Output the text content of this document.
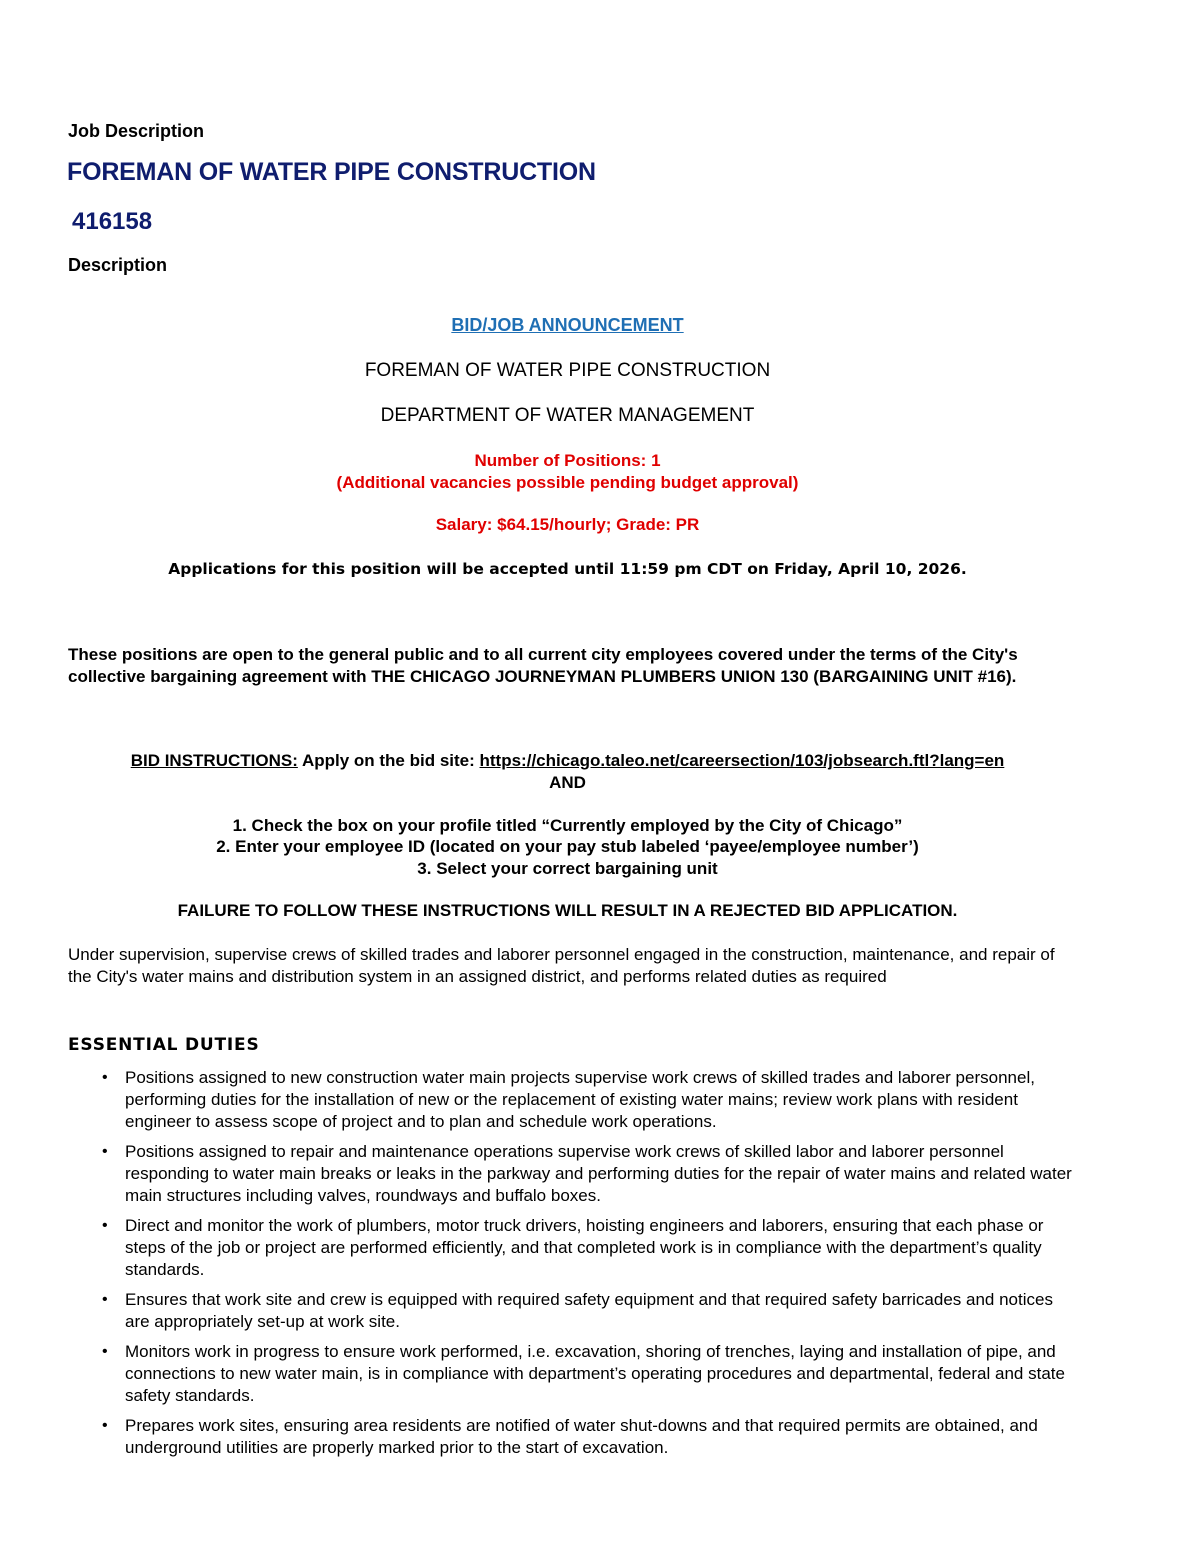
Job Description
FOREMAN OF WATER PIPE CONSTRUCTION
416158
Description
BID/JOB ANNOUNCEMENT
FOREMAN OF WATER PIPE CONSTRUCTION
DEPARTMENT OF WATER MANAGEMENT
Number of Positions: 1
(Additional vacancies possible pending budget approval)
Salary: $64.15/hourly; Grade: PR
Applications for this position will be accepted until 11:59 pm CDT on Friday, April 10, 2026.
These positions are open to the general public and to all current city employees covered under the terms of the City's collective bargaining agreement with THE CHICAGO JOURNEYMAN PLUMBERS UNION 130 (BARGAINING UNIT #16).
BID INSTRUCTIONS: Apply on the bid site: https://chicago.taleo.net/careersection/103/jobsearch.ftl?lang=en
AND
1. Check the box on your profile titled “Currently employed by the City of Chicago”
2. Enter your employee ID (located on your pay stub labeled ‘payee/employee number’)
3. Select your correct bargaining unit
FAILURE TO FOLLOW THESE INSTRUCTIONS WILL RESULT IN A REJECTED BID APPLICATION.
Under supervision, supervise crews of skilled trades and laborer personnel engaged in the construction, maintenance, and repair of the City's water mains and distribution system in an assigned district, and performs related duties as required
ESSENTIAL DUTIES
• Positions assigned to new construction water main projects supervise work crews of skilled trades and laborer personnel, performing duties for the installation of new or the replacement of existing water mains; review work plans with resident engineer to assess scope of project and to plan and schedule work operations.
• Positions assigned to repair and maintenance operations supervise work crews of skilled labor and laborer personnel responding to water main breaks or leaks in the parkway and performing duties for the repair of water mains and related water main structures including valves, roundways and buffalo boxes.
• Direct and monitor the work of plumbers, motor truck drivers, hoisting engineers and laborers, ensuring that each phase or steps of the job or project are performed efficiently, and that completed work is in compliance with the department’s quality standards.
• Ensures that work site and crew is equipped with required safety equipment and that required safety barricades and notices are appropriately set-up at work site.
• Monitors work in progress to ensure work performed, i.e. excavation, shoring of trenches, laying and installation of pipe, and connections to new water main, is in compliance with department’s operating procedures and departmental, federal and state safety standards.
• Prepares work sites, ensuring area residents are notified of water shut-downs and that required permits are obtained, and underground utilities are properly marked prior to the start of excavation.
